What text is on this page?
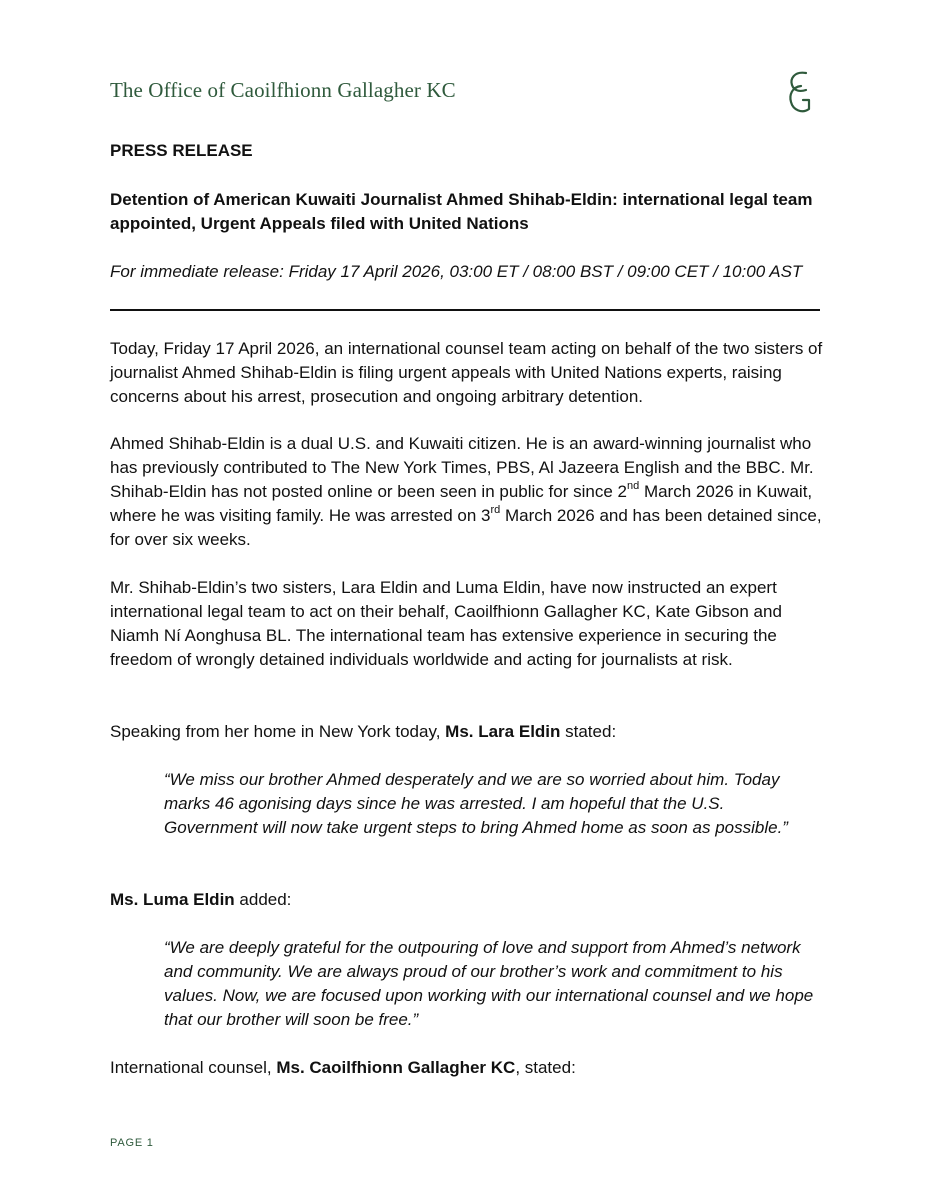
The Office of Caoilfhionn Gallagher KC
PRESS RELEASE
Detention of American Kuwaiti Journalist Ahmed Shihab-Eldin: international legal team appointed, Urgent Appeals filed with United Nations
For immediate release: Friday 17 April 2026, 03:00 ET / 08:00 BST / 09:00 CET / 10:00 AST

Today, Friday 17 April 2026, an international counsel team acting on behalf of the two sisters of journalist Ahmed Shihab-Eldin is filing urgent appeals with United Nations experts, raising concerns about his arrest, prosecution and ongoing arbitrary detention.

Ahmed Shihab-Eldin is a dual U.S. and Kuwaiti citizen. He is an award-winning journalist who has previously contributed to The New York Times, PBS, Al Jazeera English and the BBC. Mr. Shihab-Eldin has not posted online or been seen in public for since 2nd March 2026 in Kuwait, where he was visiting family. He was arrested on 3rd March 2026 and has been detained since, for over six weeks.

Mr. Shihab-Eldin’s two sisters, Lara Eldin and Luma Eldin, have now instructed an expert international legal team to act on their behalf, Caoilfhionn Gallagher KC, Kate Gibson and Niamh Ní Aonghusa BL. The international team has extensive experience in securing the freedom of wrongly detained individuals worldwide and acting for journalists at risk.

Speaking from her home in New York today, Ms. Lara Eldin stated:

“We miss our brother Ahmed desperately and we are so worried about him. Today marks 46 agonising days since he was arrested. I am hopeful that the U.S. Government will now take urgent steps to bring Ahmed home as soon as possible.”

Ms. Luma Eldin added:

“We are deeply grateful for the outpouring of love and support from Ahmed’s network and community. We are always proud of our brother’s work and commitment to his values. Now, we are focused upon working with our international counsel and we hope that our brother will soon be free.”

International counsel, Ms. Caoilfhionn Gallagher KC, stated:

PAGE 1
